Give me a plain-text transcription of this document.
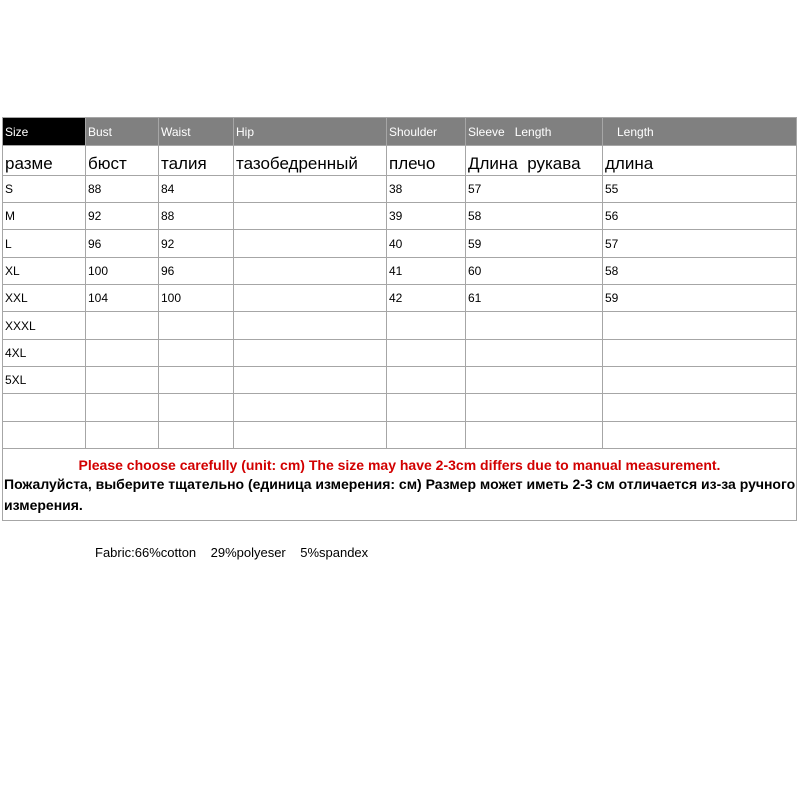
Size	Bust	Waist	Hip	Shoulder	Sleeve   Length	Length
разме	бюст	талия	тазобедренный	плечо	Длина  рукава	длина
S	88	84		38	57	55
M	92	88		39	58	56
L	96	92		40	59	57
XL	100	96		41	60	58
XXL	104	100		42	61	59
XXXL						
4XL						
5XL						

Please choose carefully (unit: cm) The size may have 2-3cm differs due to manual measurement.
Пожалуйста, выберите тщательно (единица измерения: см) Размер может иметь 2-3 см отличается из-за ручного измерения.						
Fabric:66%cotton    29%polyeser    5%spandex
